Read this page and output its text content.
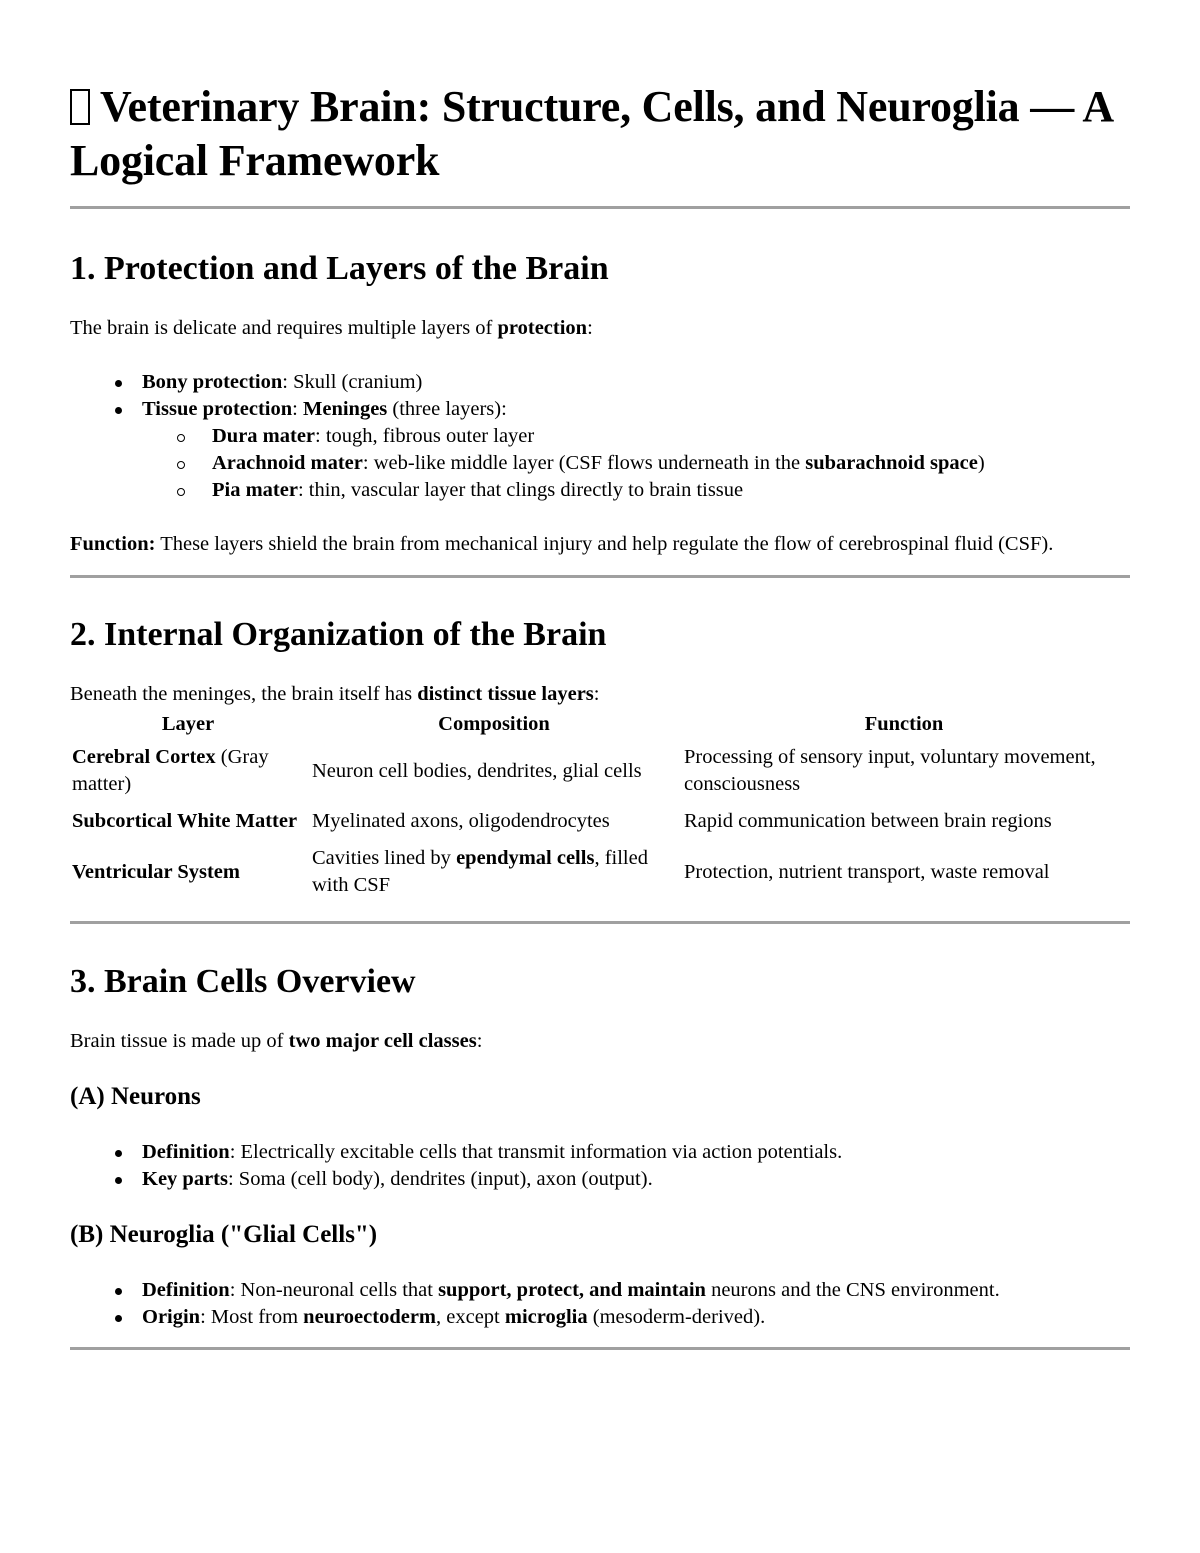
Veterinary Brain: Structure, Cells, and Neuroglia — A Logical Framework
1. Protection and Layers of the Brain

The brain is delicate and requires multiple layers of protection:

Bony protection: Skull (cranium)
Tissue protection: Meninges (three layers):
Dura mater: tough, fibrous outer layer
Arachnoid mater: web-like middle layer (CSF flows underneath in the subarachnoid space)
Pia mater: thin, vascular layer that clings directly to brain tissue

Function: These layers shield the brain from mechanical injury and help regulate the flow of cerebrospinal fluid (CSF).

2. Internal Organization of the Brain

Beneath the meninges, the brain itself has distinct tissue layers:

Layer	Composition	Function
Cerebral Cortex (Gray matter)	Neuron cell bodies, dendrites, glial cells	Processing of sensory input, voluntary movement, consciousness
Subcortical White Matter	Myelinated axons, oligodendrocytes	Rapid communication between brain regions
Ventricular System	Cavities lined by ependymal cells, filled with CSF	Protection, nutrient transport, waste removal
3. Brain Cells Overview

Brain tissue is made up of two major cell classes:

(A) Neurons
Definition: Electrically excitable cells that transmit information via action potentials.
Key parts: Soma (cell body), dendrites (input), axon (output).
(B) Neuroglia ("Glial Cells")
Definition: Non-neuronal cells that support, protect, and maintain neurons and the CNS environment.
Origin: Most from neuroectoderm, except microglia (mesoderm-derived).
